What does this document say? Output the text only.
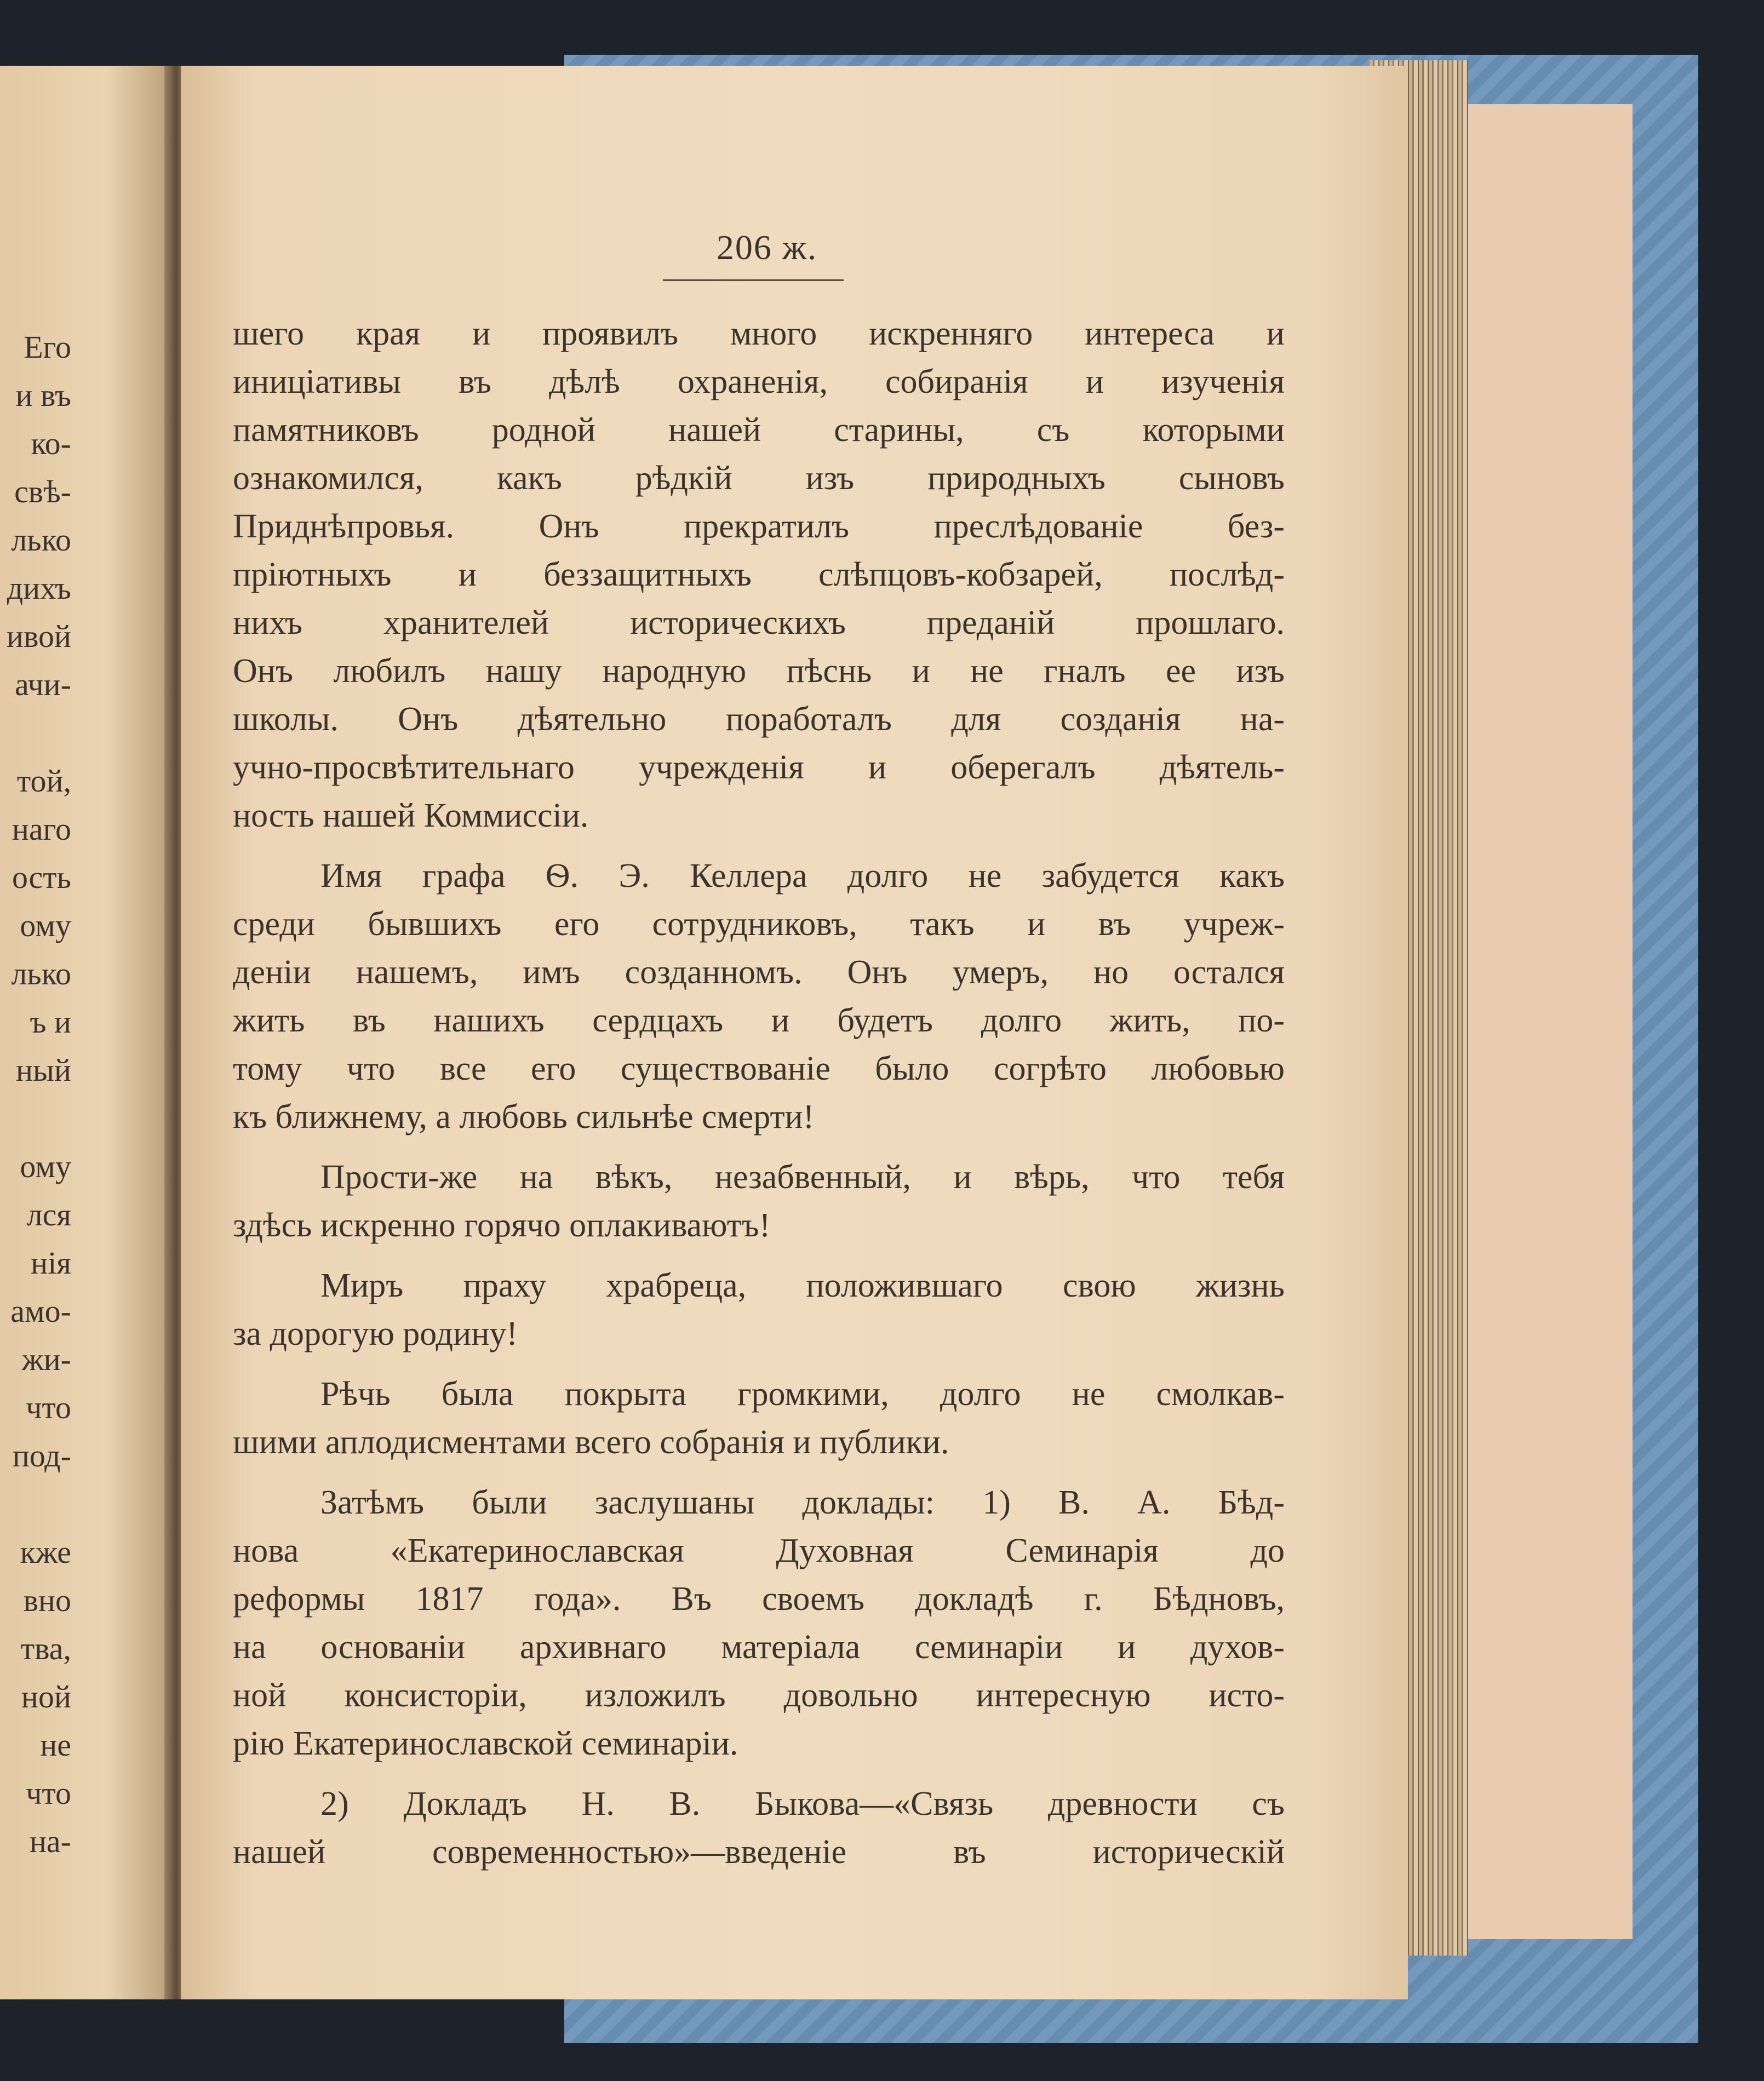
Его
и въ
ко-
свѣ-
лько
дихъ
ивой
ачи-
той,
наго
ость
ому
лько
ъ и
ный
ому
лся
нія
амо-
жи-
что
под-
кже
вно
тва,
ной
не
что
на-
206 ж.
шего края и проявилъ много искренняго интереса и
иниціативы въ дѣлѣ охраненія, собиранія и изученія
памятниковъ родной нашей старины, съ которыми
ознакомился, какъ рѣдкій изъ природныхъ сыновъ
Приднѣпровья. Онъ прекратилъ преслѣдованіе без-
пріютныхъ и беззащитныхъ слѣпцовъ-кобзарей, послѣд-
нихъ хранителей историческихъ преданій прошлаго.
Онъ любилъ нашу народную пѣснь и не гналъ ее изъ
школы. Онъ дѣятельно поработалъ для созданія на-
учно-просвѣтительнаго учрежденія и оберегалъ дѣятель-
ность нашей Коммиссіи.
Имя графа Ѳ. Э. Келлера долго не забудется какъ
среди бывшихъ его сотрудниковъ, такъ и въ учреж-
деніи нашемъ, имъ созданномъ. Онъ умеръ, но остался
жить въ нашихъ сердцахъ и будетъ долго жить, по-
тому что все его существованіе было согрѣто любовью
къ ближнему, а любовь сильнѣе смерти!
Прости-же на вѣкъ, незабвенный, и вѣрь, что тебя
здѣсь искренно горячо оплакиваютъ!
Миръ праху храбреца, положившаго свою жизнь
за дорогую родину!
Рѣчь была покрыта громкими, долго не смолкав-
шими аплодисментами всего собранія и публики.
Затѣмъ были заслушаны доклады: 1) В. А. Бѣд-
нова «Екатеринославская Духовная Семинарія до
реформы 1817 года». Въ своемъ докладѣ г. Бѣдновъ,
на основаніи архивнаго матеріала семинаріи и духов-
ной консисторіи, изложилъ довольно интересную исто-
рію Екатеринославской семинаріи.
2) Докладъ Н. В. Быкова—«Связь древности съ
нашей современностью»—введеніе въ историческій
